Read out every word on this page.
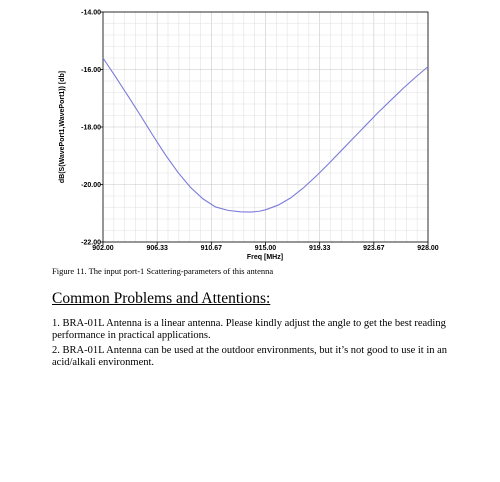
902.00	906.33	910.67	915.00	919.33	923.67	928.00
-14.00
-16.00
-18.00
-20.00
-22.00
Freq [MHz]
dB(S(WavePort1,WavePort1)) [db]
Figure 11. The input port-1 Scattering-parameters of this antenna
Common Problems and Attentions:
1. BRA-01L Antenna is a linear antenna. Please kindly adjust the angle to get the best reading performance in practical applications.
2. BRA-01L Antenna can be used at the outdoor environments, but it’s not good to use it in an acid/alkali environment.
